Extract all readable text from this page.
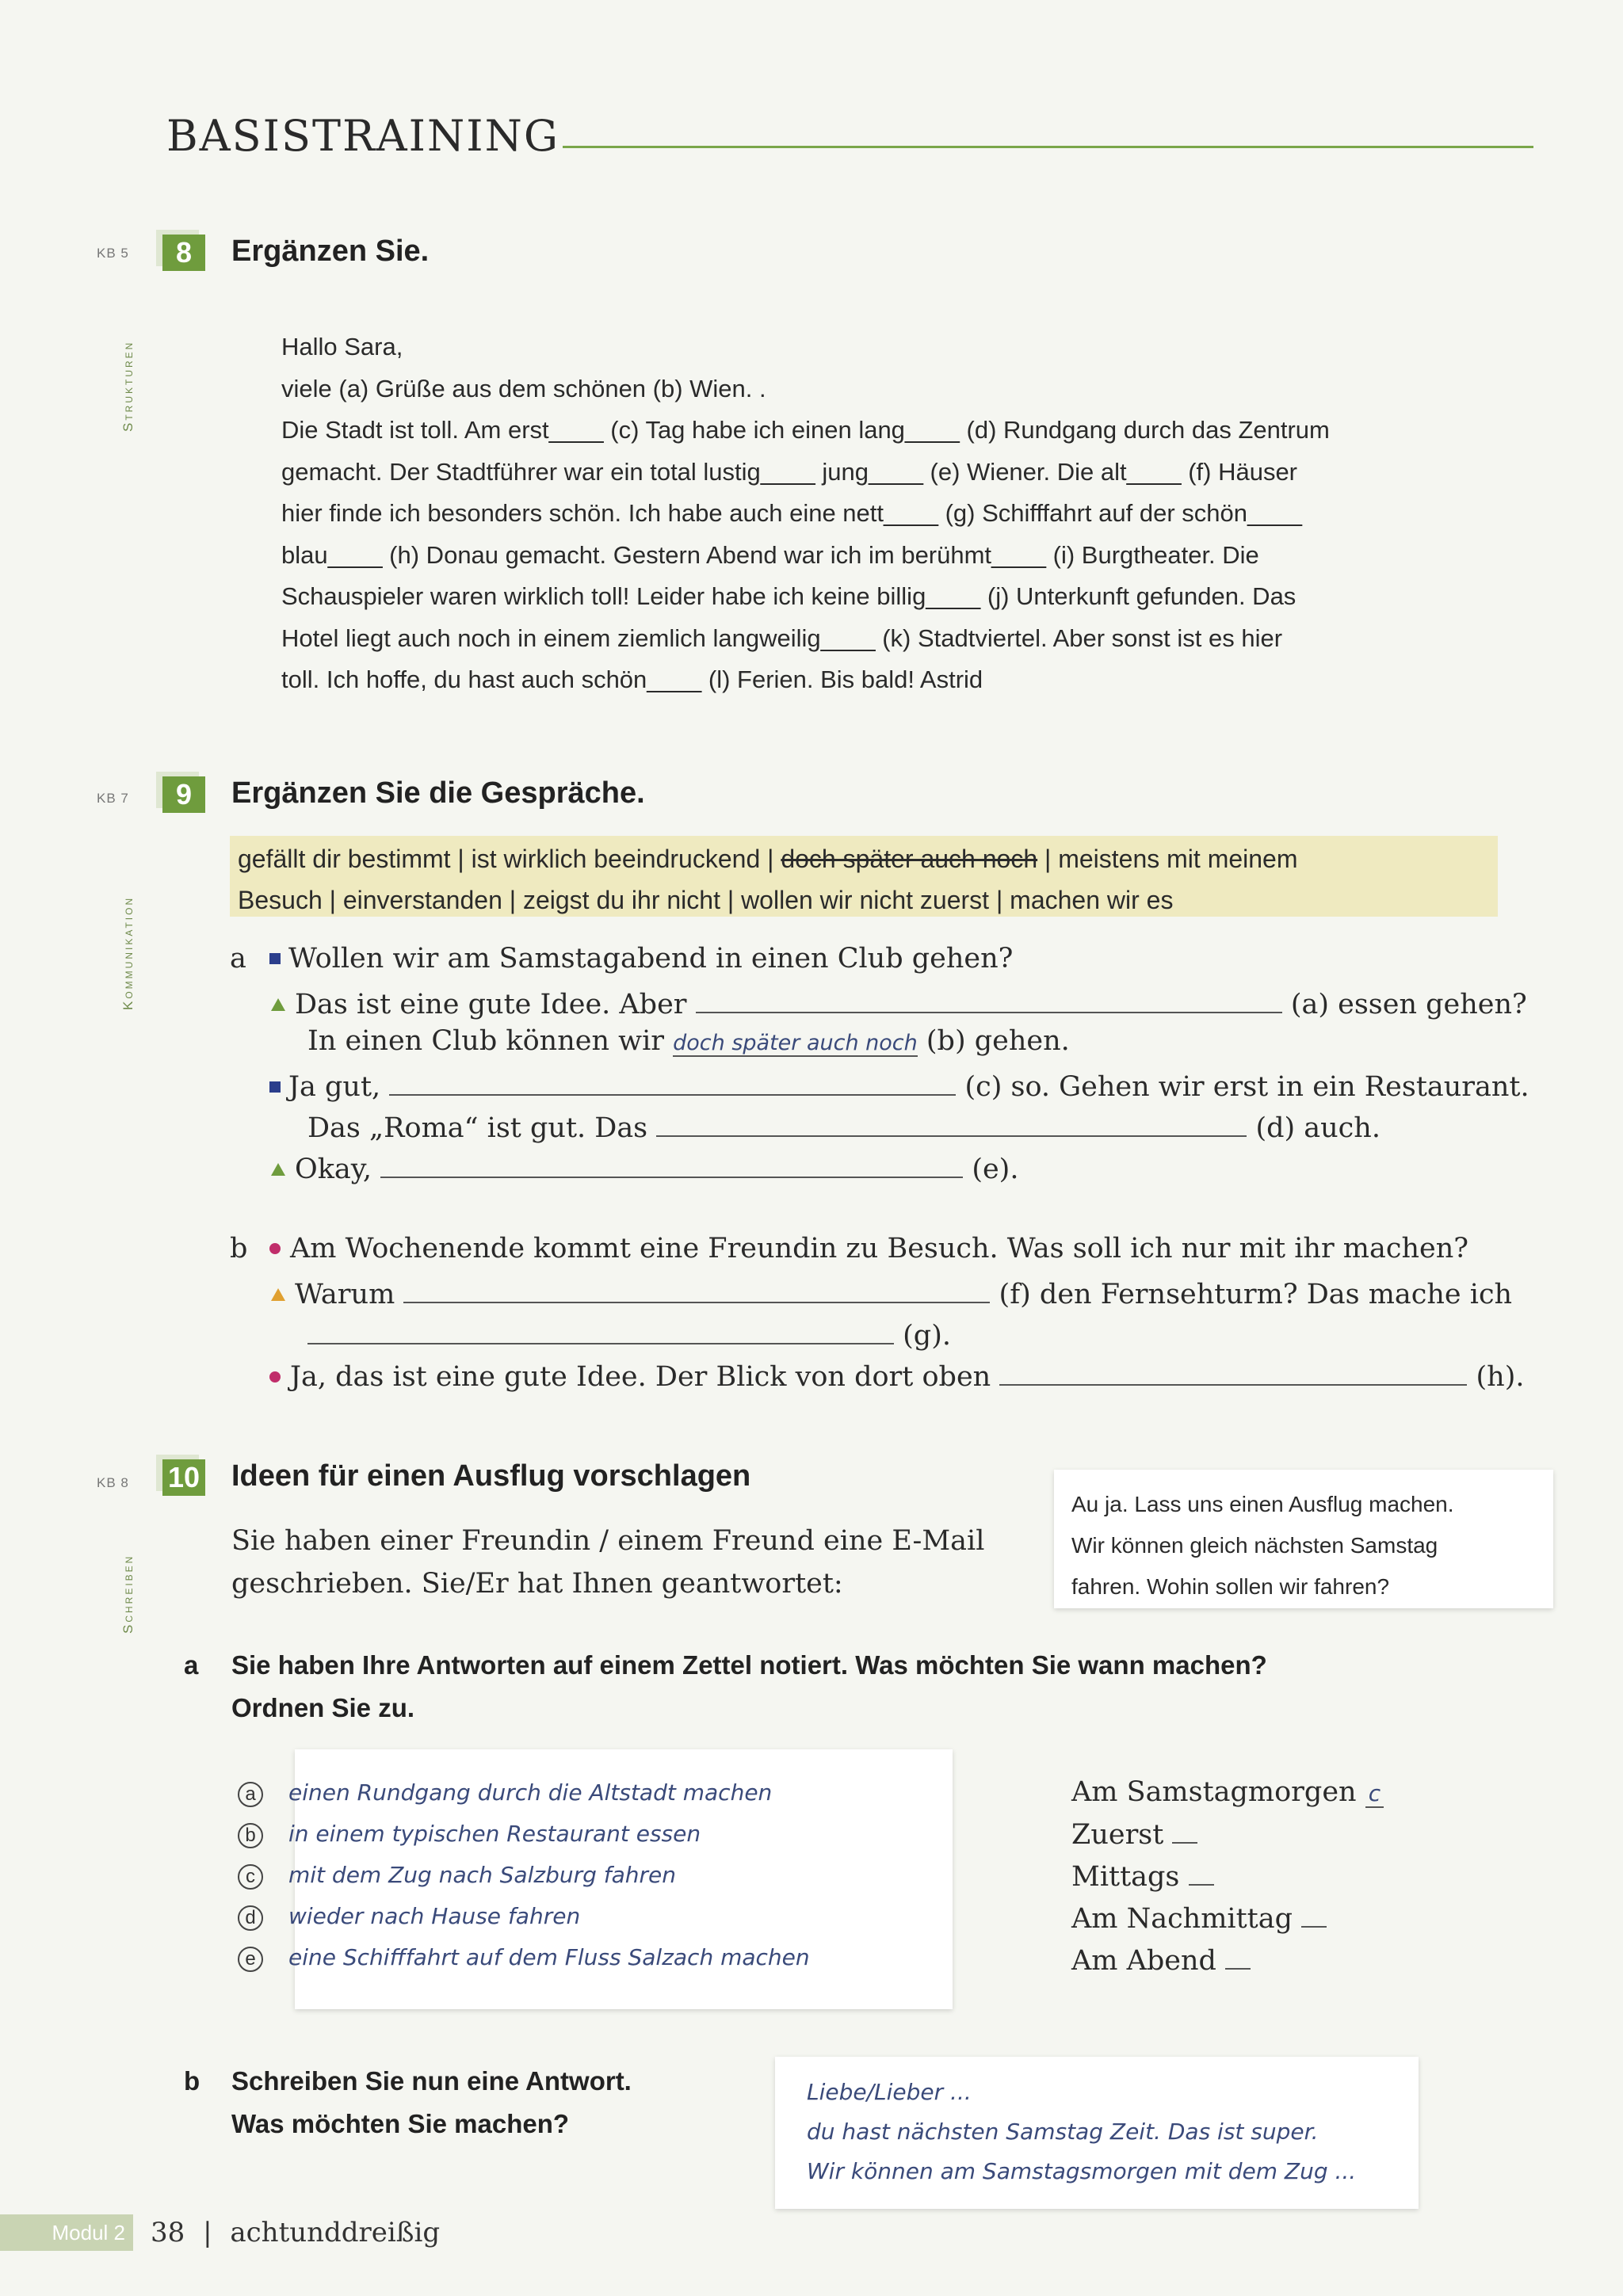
BASISTRAINING
KB 5	8	Ergänzen Sie.
Strukturen	Hallo Sara,
viele (a) Grüße aus dem schönen (b) Wien. .
Die Stadt ist toll. Am erst____ (c) Tag habe ich einen lang____ (d) Rundgang durch das Zentrum
gemacht. Der Stadtführer war ein total lustig____ jung____ (e) Wiener. Die alt____ (f) Häuser
hier finde ich besonders schön. Ich habe auch eine nett____ (g) Schifffahrt auf der schön____
blau____ (h) Donau gemacht. Gestern Abend war ich im berühmt____ (i) Burgtheater. Die
Schauspieler waren wirklich toll! Leider habe ich keine billig____ (j) Unterkunft gefunden. Das
Hotel liegt auch noch in einem ziemlich langweilig____ (k) Stadtviertel. Aber sonst ist es hier
toll. Ich hoffe, du hast auch schön____ (l) Ferien. Bis bald! Astrid
KB 7	9	Ergänzen Sie die Gespräche.
Kommunikation
gefällt dir bestimmt | ist wirklich beeindruckend | doch später auch noch | meistens mit meinem
Besuch | einverstanden | zeigst du ihr nicht | wollen wir nicht zuerst | machen wir es
a	Wollen wir am Samstagabend in einen Club gehen?
Das ist eine gute Idee. Aber	(a) essen gehen?
In einen Club können wir doch später auch noch (b) gehen.
Ja gut,	(c) so. Gehen wir erst in ein Restaurant.
Das „Roma“ ist gut. Das	(d) auch.
Okay,	(e).
b	Am Wochenende kommt eine Freundin zu Besuch. Was soll ich nur mit ihr machen?
Warum	(f) den Fernsehturm? Das mache ich
(g).
Ja, das ist eine gute Idee. Der Blick von dort oben	(h).
KB 8 10 Ideen für einen Ausflug vorschlagen
Schreiben
Sie haben einer Freundin / einem Freund eine E-Mail
geschrieben. Sie/Er hat Ihnen geantwortet:
Au ja. Lass uns einen Ausflug machen.
Wir können gleich nächsten Samstag
fahren. Wohin sollen wir fahren?
a Sie haben Ihre Antworten auf einem Zettel notiert. Was möchten Sie wann machen?
Ordnen Sie zu.
a einen Rundgang durch die Altstadt machen
b in einem typischen Restaurant essen
c mit dem Zug nach Salzburg fahren
d wieder nach Hause fahren
e eine Schifffahrt auf dem Fluss Salzach machen
Am Samstagmorgen c
Zuerst
Mittags
Am Nachmittag
Am Abend
b Schreiben Sie nun eine Antwort.
Was möchten Sie machen?
Liebe/Lieber ...
du hast nächsten Samstag Zeit. Das ist super.
Wir können am Samstagsmorgen mit dem Zug ...
Modul 2 38 | achtunddreißig
